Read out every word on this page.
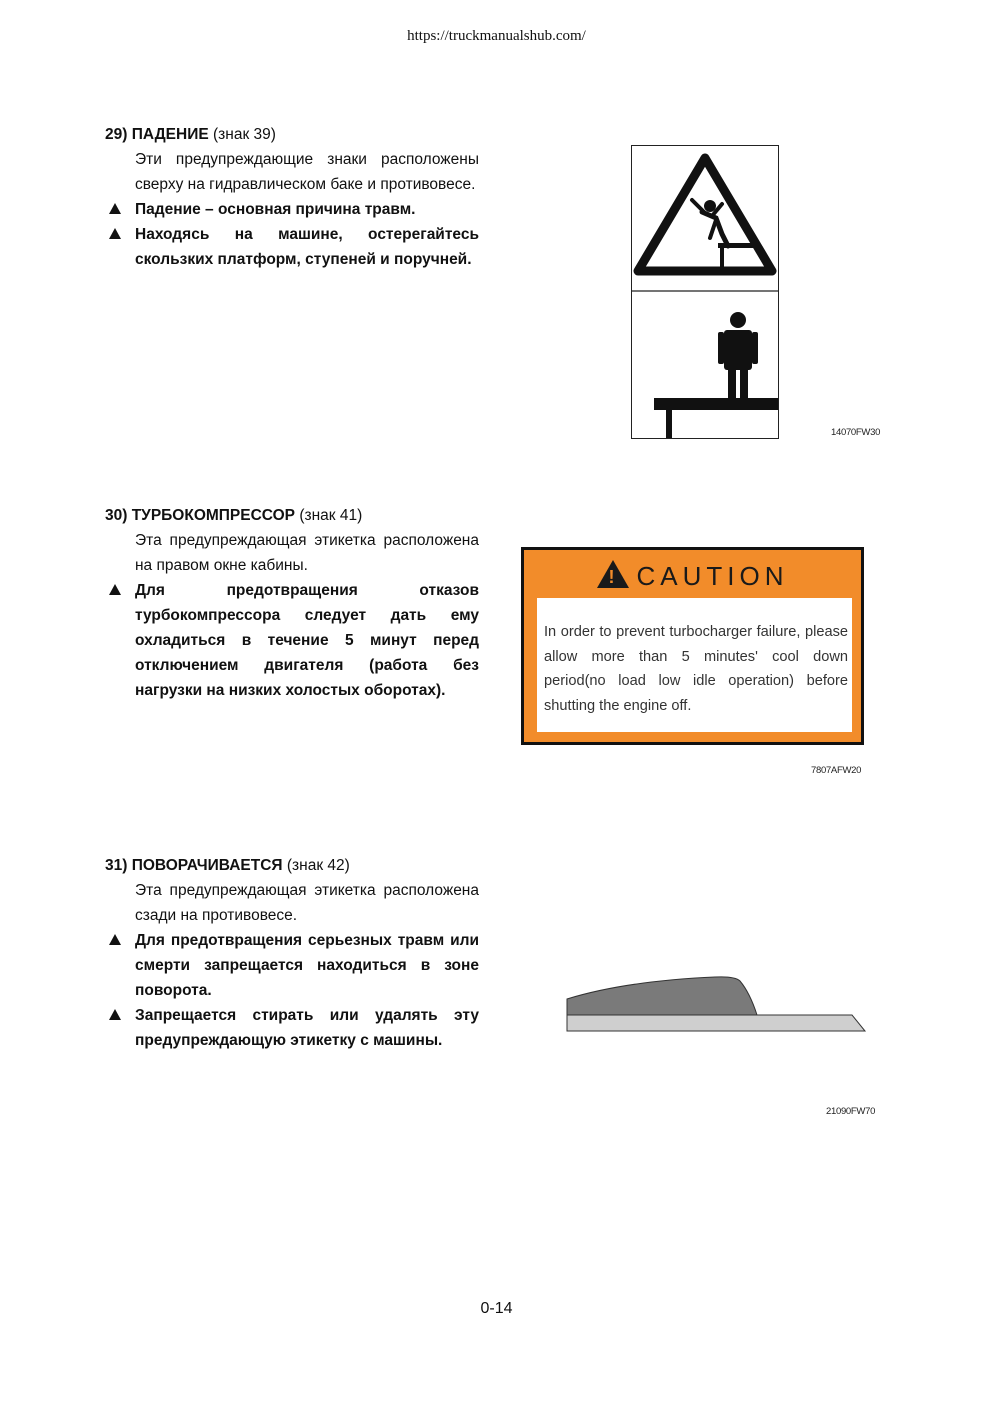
https://truckmanualshub.com/
29) ПАДЕНИЕ (знак 39)
Эти предупреждающие знаки расположены сверху на гидравлическом баке и противовесе.
Падение – основная причина травм.
Находясь на машине, остерегайтесь скользких платформ, ступеней и поручней.
14070FW30
30) ТУРБОКОМПРЕССОР (знак 41)
Эта предупреждающая этикетка расположена на правом окне кабины.
Для предотвращения отказов турбокомпрессора следует дать ему охладиться в течение 5 минут перед отключением двигателя (работа без нагрузки на низких холостых оборотах).
!CAUTION
In order to prevent turbocharger failure, please allow more than 5 minutes' cool down period(no load low idle operation) before shutting the engine off.
7807AFW20
31) ПОВОРАЧИВАЕТСЯ (знак 42)
Эта предупреждающая этикетка расположена сзади на противовесе.
Для предотвращения серьезных травм или смерти запрещается находиться в зоне поворота.
Запрещается стирать или удалять эту предупреждающую этикетку с машины.
21090FW70
0-14
